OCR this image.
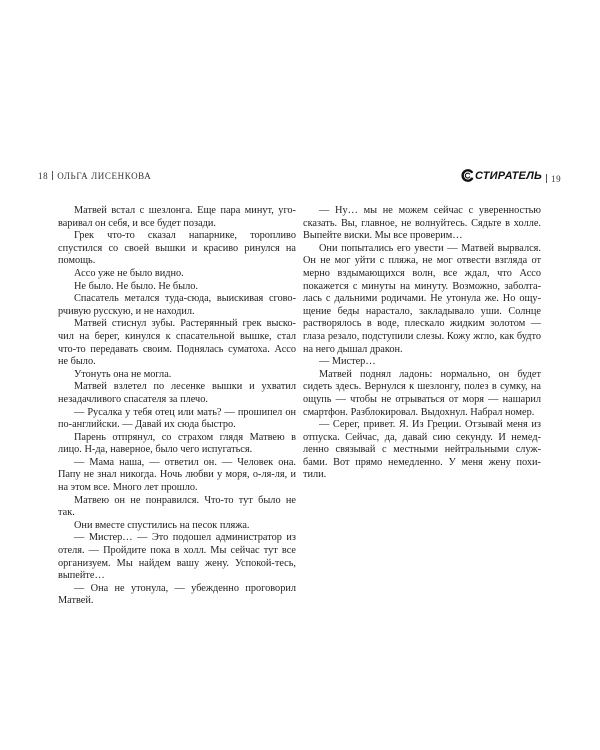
18 ОЛЬГА ЛИСЕНКОВА	СТИРАТЕЛЬ 19

Матвей встал с шезлонга. Еще пара минут, уго-варивал он себя, и все будет позади.

Грек что-то сказал напарнике, торопливо спустился со своей вышки и красиво ринулся на помощь.

Ассо уже не было видно.

Не было. Не было. Не было.

Спасатель метался туда-сюда, выискивая сгово-рчивую русскую, и не находил.

Матвей стиснул зубы. Растерянный грек выско-чил на берег, кинулся к спасательной вышке, стал что-то передавать своим. Поднялась суматоха. Ассо не было.

Утонуть она не могла.

Матвей взлетел по лесенке вышки и ухватил незадачливого спасателя за плечо.

— Русалка у тебя отец или мать? — прошипел он по-английски. — Давай их сюда быстро.

Парень отпрянул, со страхом глядя Матвею в лицо. Н-да, наверное, было чего испугаться.

— Мама наша, — ответил он. — Человек она. Папу не знал никогда. Ночь любви у моря, о-ля-ля, и на этом все. Много лет прошло.

Матвею он не понравился. Что-то тут было не так.

Они вместе спустились на песок пляжа.

— Мистер… — Это подошел администратор из отеля. — Пройдите пока в холл. Мы сейчас тут все организуем. Мы найдем вашу жену. Успокой-тесь, выпейте…

— Она не утонула, — убежденно проговорил Матвей.

— Ну… мы не можем сейчас с уверенностью сказать. Вы, главное, не волнуйтесь. Сядьте в холле. Выпейте виски. Мы все проверим…

Они попытались его увести — Матвей вырвался. Он не мог уйти с пляжа, не мог отвести взгляда от мерно вздымающихся волн, все ждал, что Ассо покажется с минуты на минуту. Возможно, заболта-лась с дальними родичами. Не утонула же. Но ощу-щение беды нарастало, закладывало уши. Солнце растворялось в воде, плескало жидким золотом — глаза резало, подступили слезы. Кожу жгло, как будто на него дышал дракон.

— Мистер…

Матвей поднял ладонь: нормально, он будет сидеть здесь. Вернулся к шезлонгу, полез в сумку, на ощупь — чтобы не отрываться от моря — нашарил смартфон. Разблокировал. Выдохнул. Набрал номер.

— Серег, привет. Я. Из Греции. Отзывай меня из отпуска. Сейчас, да, давай сию секунду. И немед-ленно связывай с местными нейтральными служ-бами. Вот прямо немедленно. У меня жену похи-тили.
